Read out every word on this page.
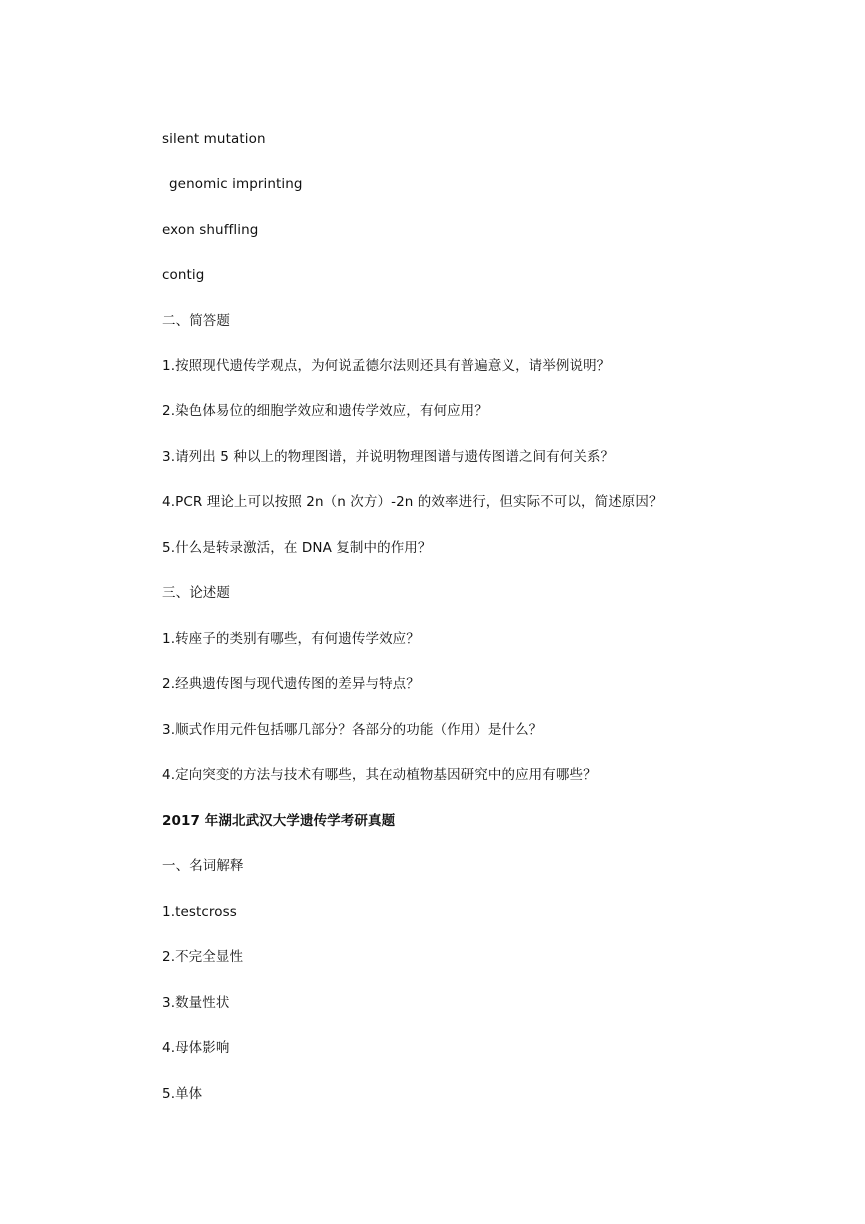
silent mutation
genomic imprinting
exon shuffling
contig
二、简答题
1.按照现代遗传学观点，为何说孟德尔法则还具有普遍意义，请举例说明？
2.染色体易位的细胞学效应和遗传学效应，有何应用？
3.请列出 5 种以上的物理图谱，并说明物理图谱与遗传图谱之间有何关系？
4.PCR 理论上可以按照 2n（n 次方）-2n 的效率进行，但实际不可以，简述原因？
5.什么是转录激活，在 DNA 复制中的作用？
三、论述题
1.转座子的类别有哪些，有何遗传学效应？
2.经典遗传图与现代遗传图的差异与特点？
3.顺式作用元件包括哪几部分？各部分的功能（作用）是什么？
4.定向突变的方法与技术有哪些，其在动植物基因研究中的应用有哪些？
2017 年湖北武汉大学遗传学考研真题
一、名词解释
1.testcross
2.不完全显性
3.数量性状
4.母体影响
5.单体
